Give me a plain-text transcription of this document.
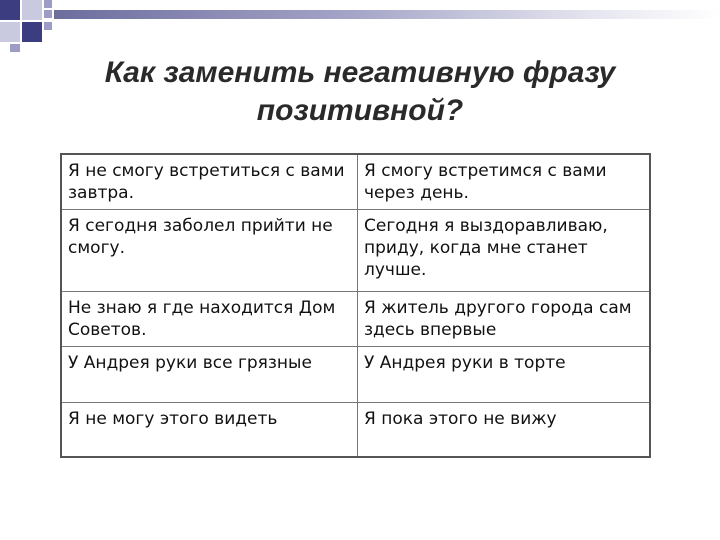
Как заменить негативную фразу
позитивной?
Я не смогу встретиться с вами завтра.	Я смогу встретимся с вами через день.
Я сегодня заболел прийти не смогу.	Сегодня я выздоравливаю, приду, когда мне станет лучше.
Не знаю я где находится Дом Советов.	Я житель другого города сам здесь впервые
У Андрея руки все грязные	У Андрея руки в торте
Я не могу этого видеть	Я пока этого не вижу
